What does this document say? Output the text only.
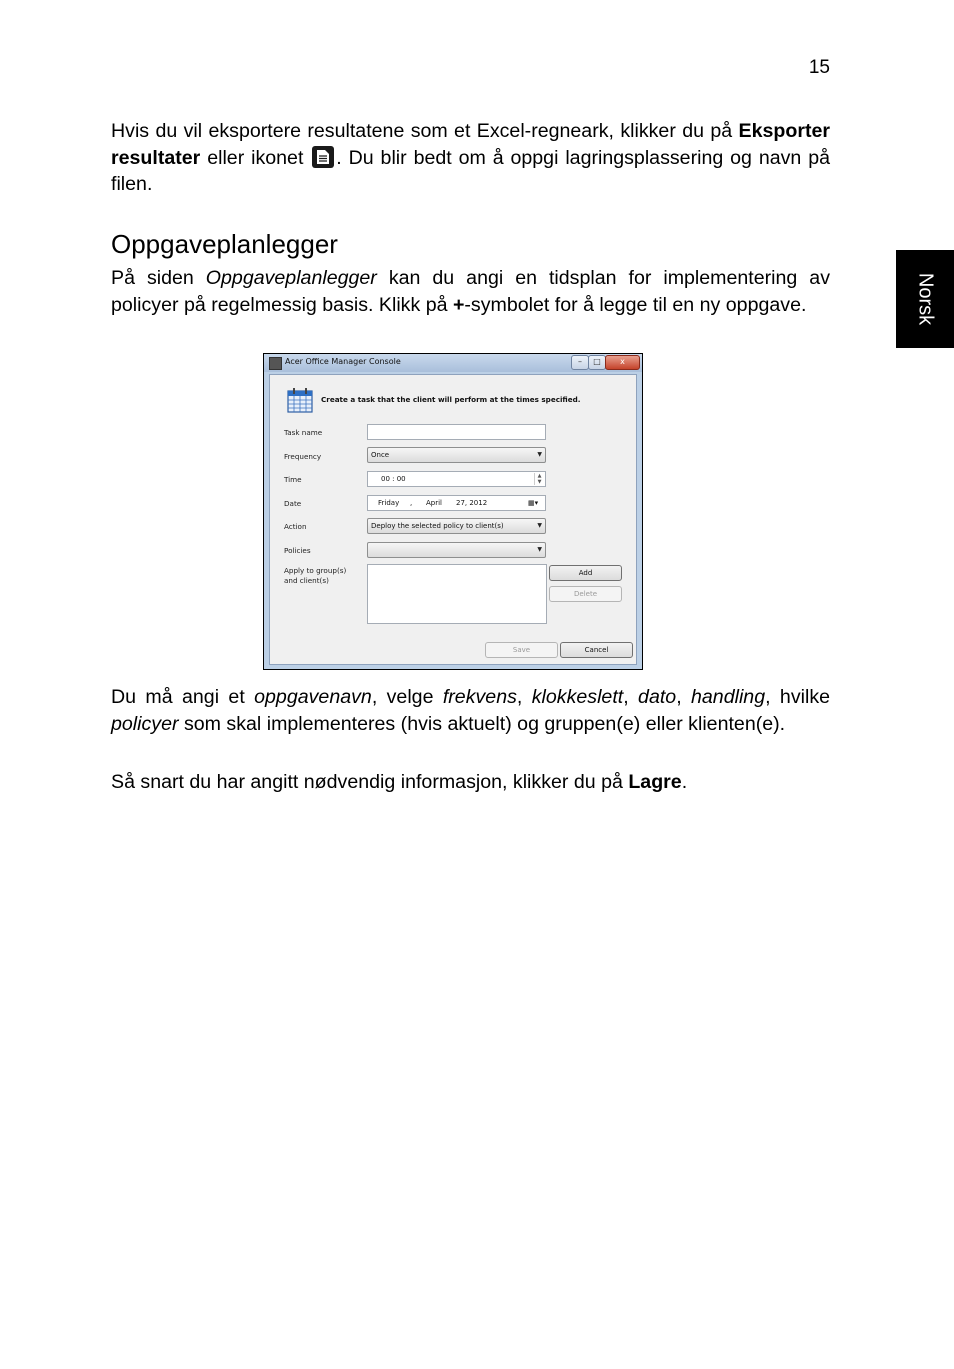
15
Norsk

Hvis du vil eksportere resultatene som et Excel-regneark, klikker du på Eksporter resultater eller ikonet
. Du blir bedt om å oppgi lagringsplassering og navn på filen.

Oppgaveplanlegger

På siden Oppgaveplanlegger kan du angi en tidsplan for implementering av policyer på regelmessig basis. Klikk på +-symbolet for å legge til en ny oppgave.

Acer Office Manager Console	–	□	x
Create a task that the client will perform at the times specified.
Task name
Frequency	Once	▼
Time	00 : 00	▲
▼
Date	Friday , April 27, 2012	▦▾
Action	Deploy the selected policy to client(s)	▼
Policies	▼
Apply to group(s)
and client(s)
Add
Delete
Save	Cancel

Du må angi et oppgavenavn, velge frekvens, klokkeslett, dato, handling, hvilke policyer som skal implementeres (hvis aktuelt) og gruppen(e) eller klienten(e).

Så snart du har angitt nødvendig informasjon, klikker du på Lagre.
